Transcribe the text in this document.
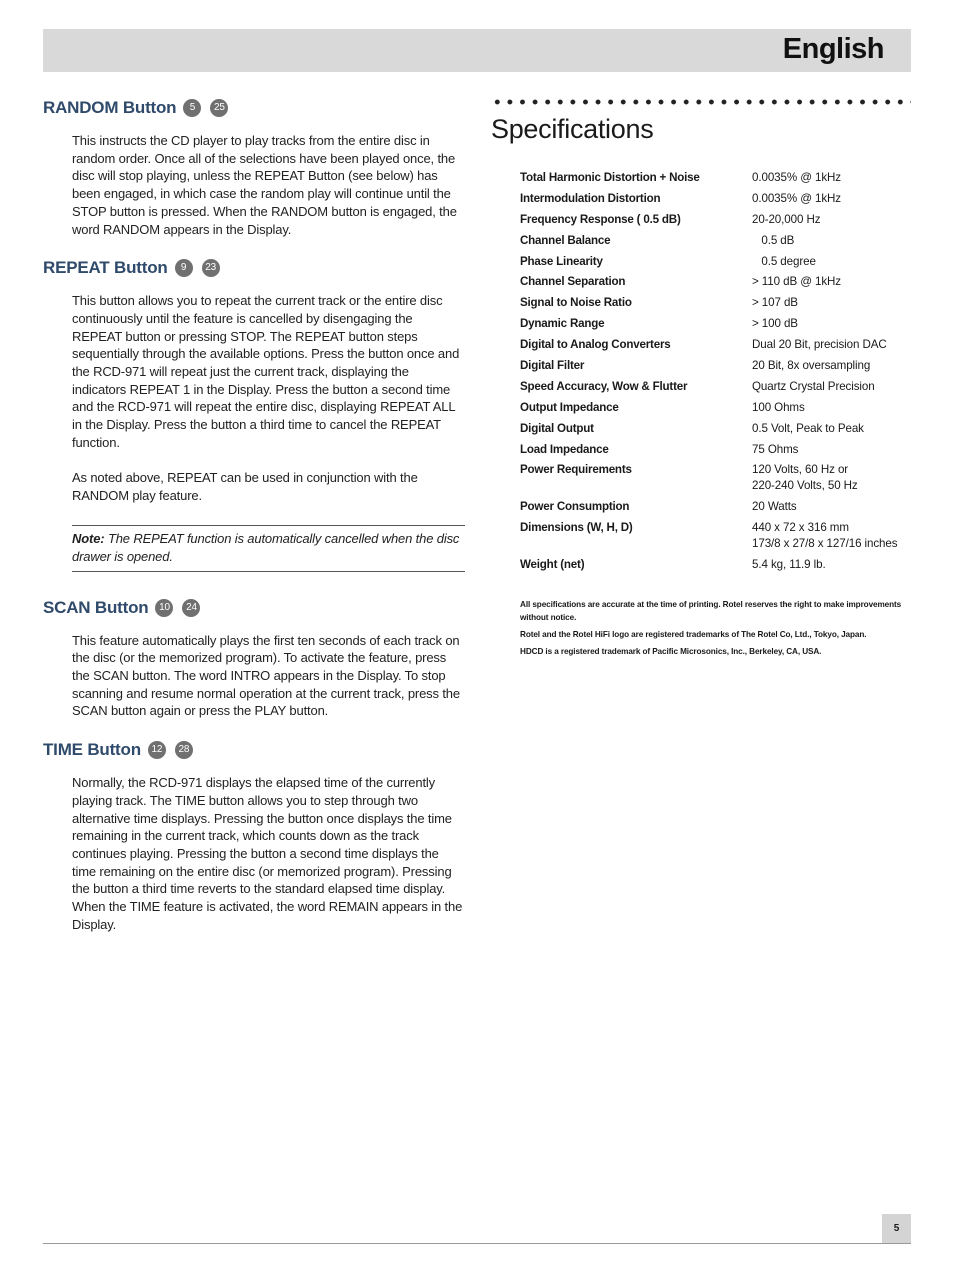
English
RANDOM Button	5	25

This instructs the CD player to play tracks from the entire disc in random order. Once all of the selections have been played once, the disc will stop playing, unless the REPEAT Button (see below) has been engaged, in which case the random play will continue until the STOP button is pressed. When the RANDOM button is engaged, the word RANDOM appears in the Display.

REPEAT Button	9	23

This button allows you to repeat the current track or the entire disc continuously until the feature is cancelled by disengaging the REPEAT button or pressing STOP. The REPEAT button steps sequentially through the available options. Press the button once and the RCD-971 will repeat just the current track, displaying the indicators REPEAT 1 in the Display. Press the button a second time and the RCD-971 will repeat the entire disc, displaying REPEAT ALL in the Display. Press the button a third time to cancel the REPEAT function.

As noted above, REPEAT can be used in conjunction with the RANDOM play feature.

Note: The REPEAT function is automatically cancelled when the disc drawer is opened.
SCAN Button	10	24

This feature automatically plays the first ten seconds of each track on the disc (or the memorized program). To activate the feature, press the SCAN button. The word INTRO appears in the Display. To stop scanning and resume normal operation at the current track, press the SCAN button again or press the PLAY button.

TIME Button	12	28

Normally, the RCD-971 displays the elapsed time of the currently playing track. The TIME button allows you to step through two alternative time displays. Pressing the button once displays the time remaining in the current track, which counts down as the track continues playing. Pressing the button a second time displays the time remaining on the entire disc (or memorized program). Pressing the button a third time reverts to the standard elapsed time display. When the TIME feature is activated, the word REMAIN appears in the Display.

Specifications
Total Harmonic Distortion + Noise	0.0035% @ 1kHz

Intermodulation Distortion	0.0035% @ 1kHz

Frequency Response ( 0.5 dB)	20-20,000 Hz

Channel Balance	0.5 dB

Phase Linearity	0.5 degree

Channel Separation	> 110 dB @ 1kHz

Signal to Noise Ratio	> 107 dB

Dynamic Range	> 100 dB

Digital to Analog Converters	Dual 20 Bit, precision DAC

Digital Filter	20 Bit, 8x oversampling

Speed Accuracy, Wow & Flutter	Quartz Crystal Precision

Output Impedance	100 Ohms

Digital Output	0.5 Volt, Peak to Peak

Load Impedance	75 Ohms

Power Requirements	120 Volts, 60 Hz or
220-240 Volts, 50 Hz

Power Consumption	20 Watts

Dimensions (W, H, D)	440 x 72 x 316 mm
173/8 x 27/8 x 127/16 inches

Weight (net)	5.4 kg, 11.9 lb.

All specifications are accurate at the time of printing. Rotel reserves the right to make improvements without notice.

Rotel and the Rotel HiFi logo are registered trademarks of The Rotel Co, Ltd., Tokyo, Japan.

HDCD is a registered trademark of Pacific Microsonics, Inc., Berkeley, CA, USA.

5
